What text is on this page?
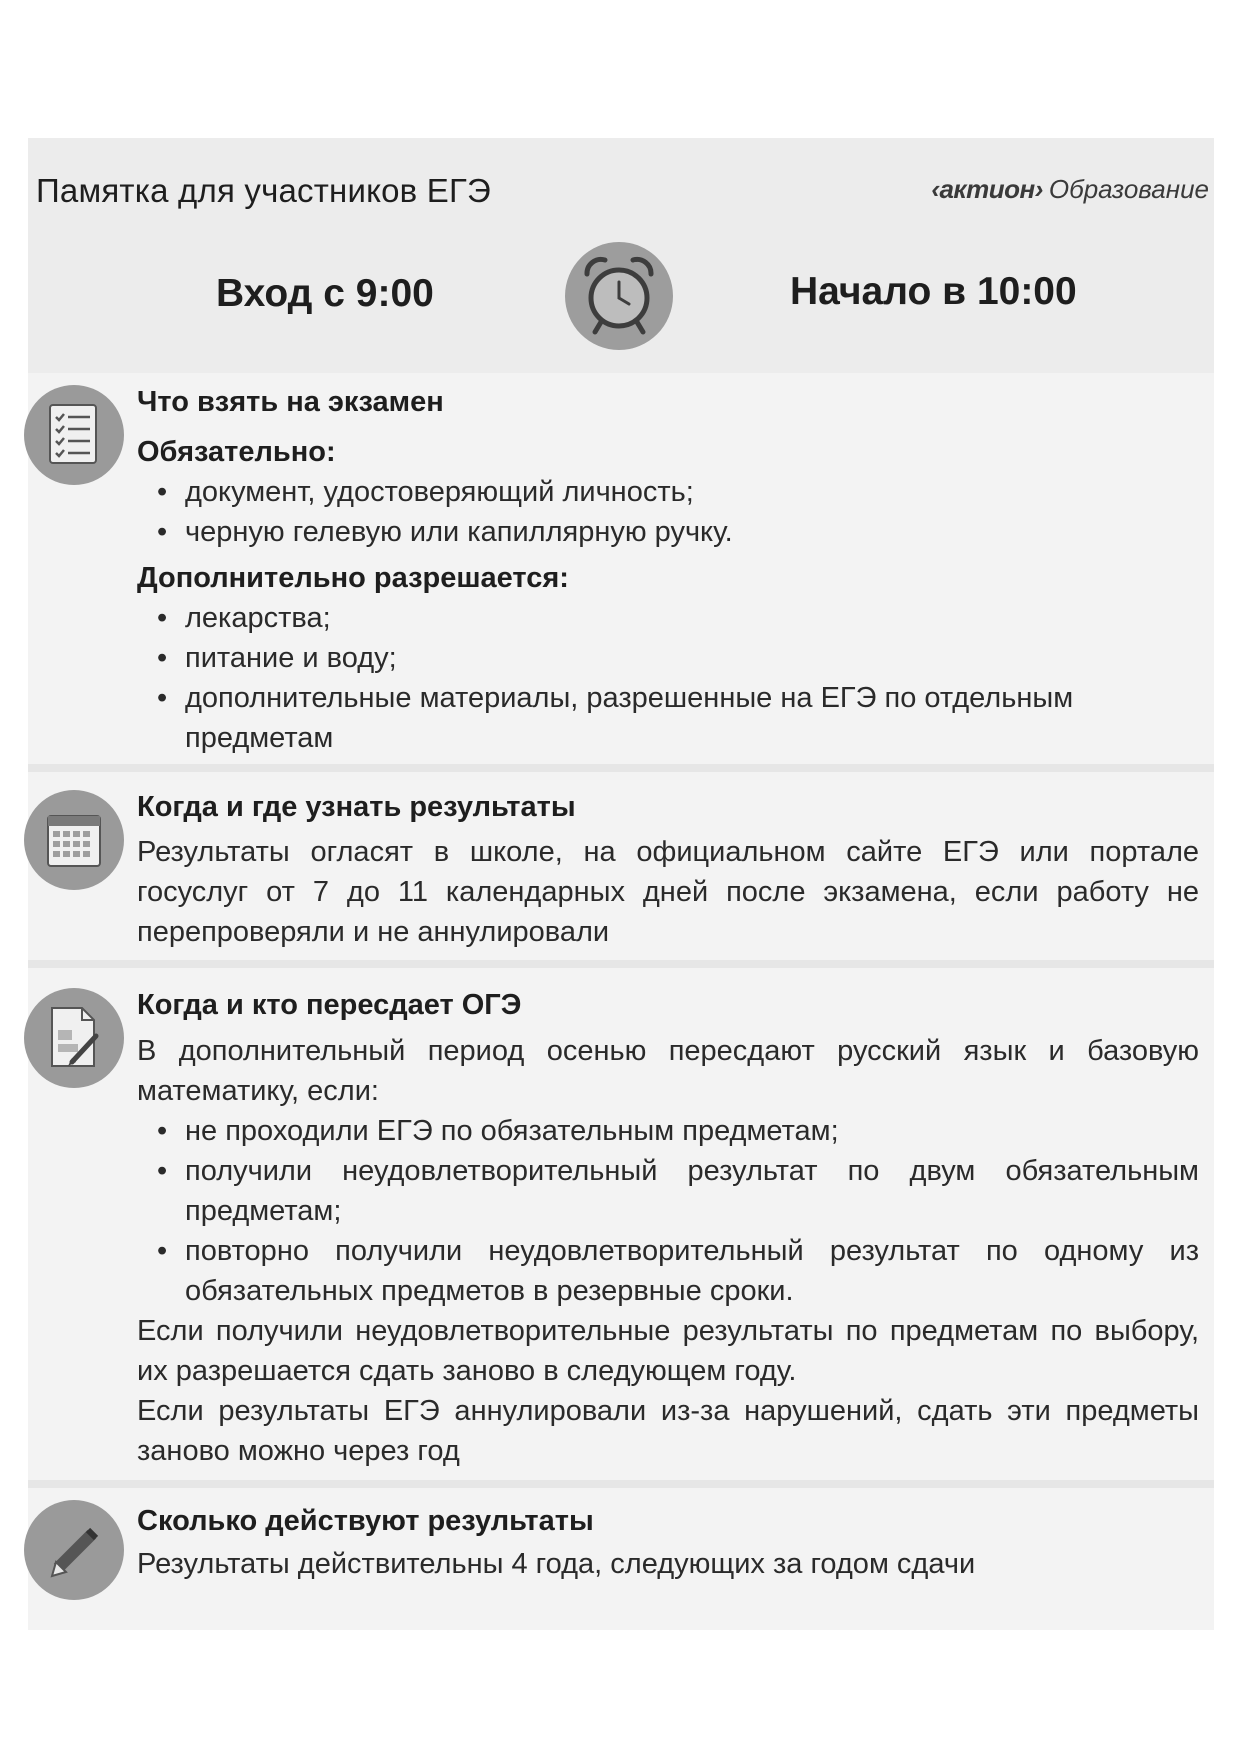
Памятка для участников ЕГЭ	‹актион› Образование
Вход с 9:00	Начало в 10:00
Что взять на экзамен
Обязательно:
• документ, удостоверяющий личность;
• черную гелевую или капиллярную ручку.
Дополнительно разрешается:
• лекарства;
• питание и воду;
• дополнительные материалы, разрешенные на ЕГЭ по отдельным предметам
Когда и где узнать результаты
Результаты огласят в школе, на официальном сайте ЕГЭ или портале госуслуг от 7 до 11 календарных дней после экзамена, если работу не перепроверяли и не аннулировали
Когда и кто пересдает ОГЭ
В дополнительный период осенью пересдают русский язык и базовую математику, если:
• не проходили ЕГЭ по обязательным предметам;
• получили неудовлетворительный результат по двум обязательным предметам;
• повторно получили неудовлетворительный результат по одному из обязательных предметов в резервные сроки.
Если получили неудовлетворительные результаты по предметам по выбору, их разрешается сдать заново в следующем году.
Если результаты ЕГЭ аннулировали из-за нарушений, сдать эти предметы заново можно через год
Сколько действуют результаты
Результаты действительны 4 года, следующих за годом сдачи
